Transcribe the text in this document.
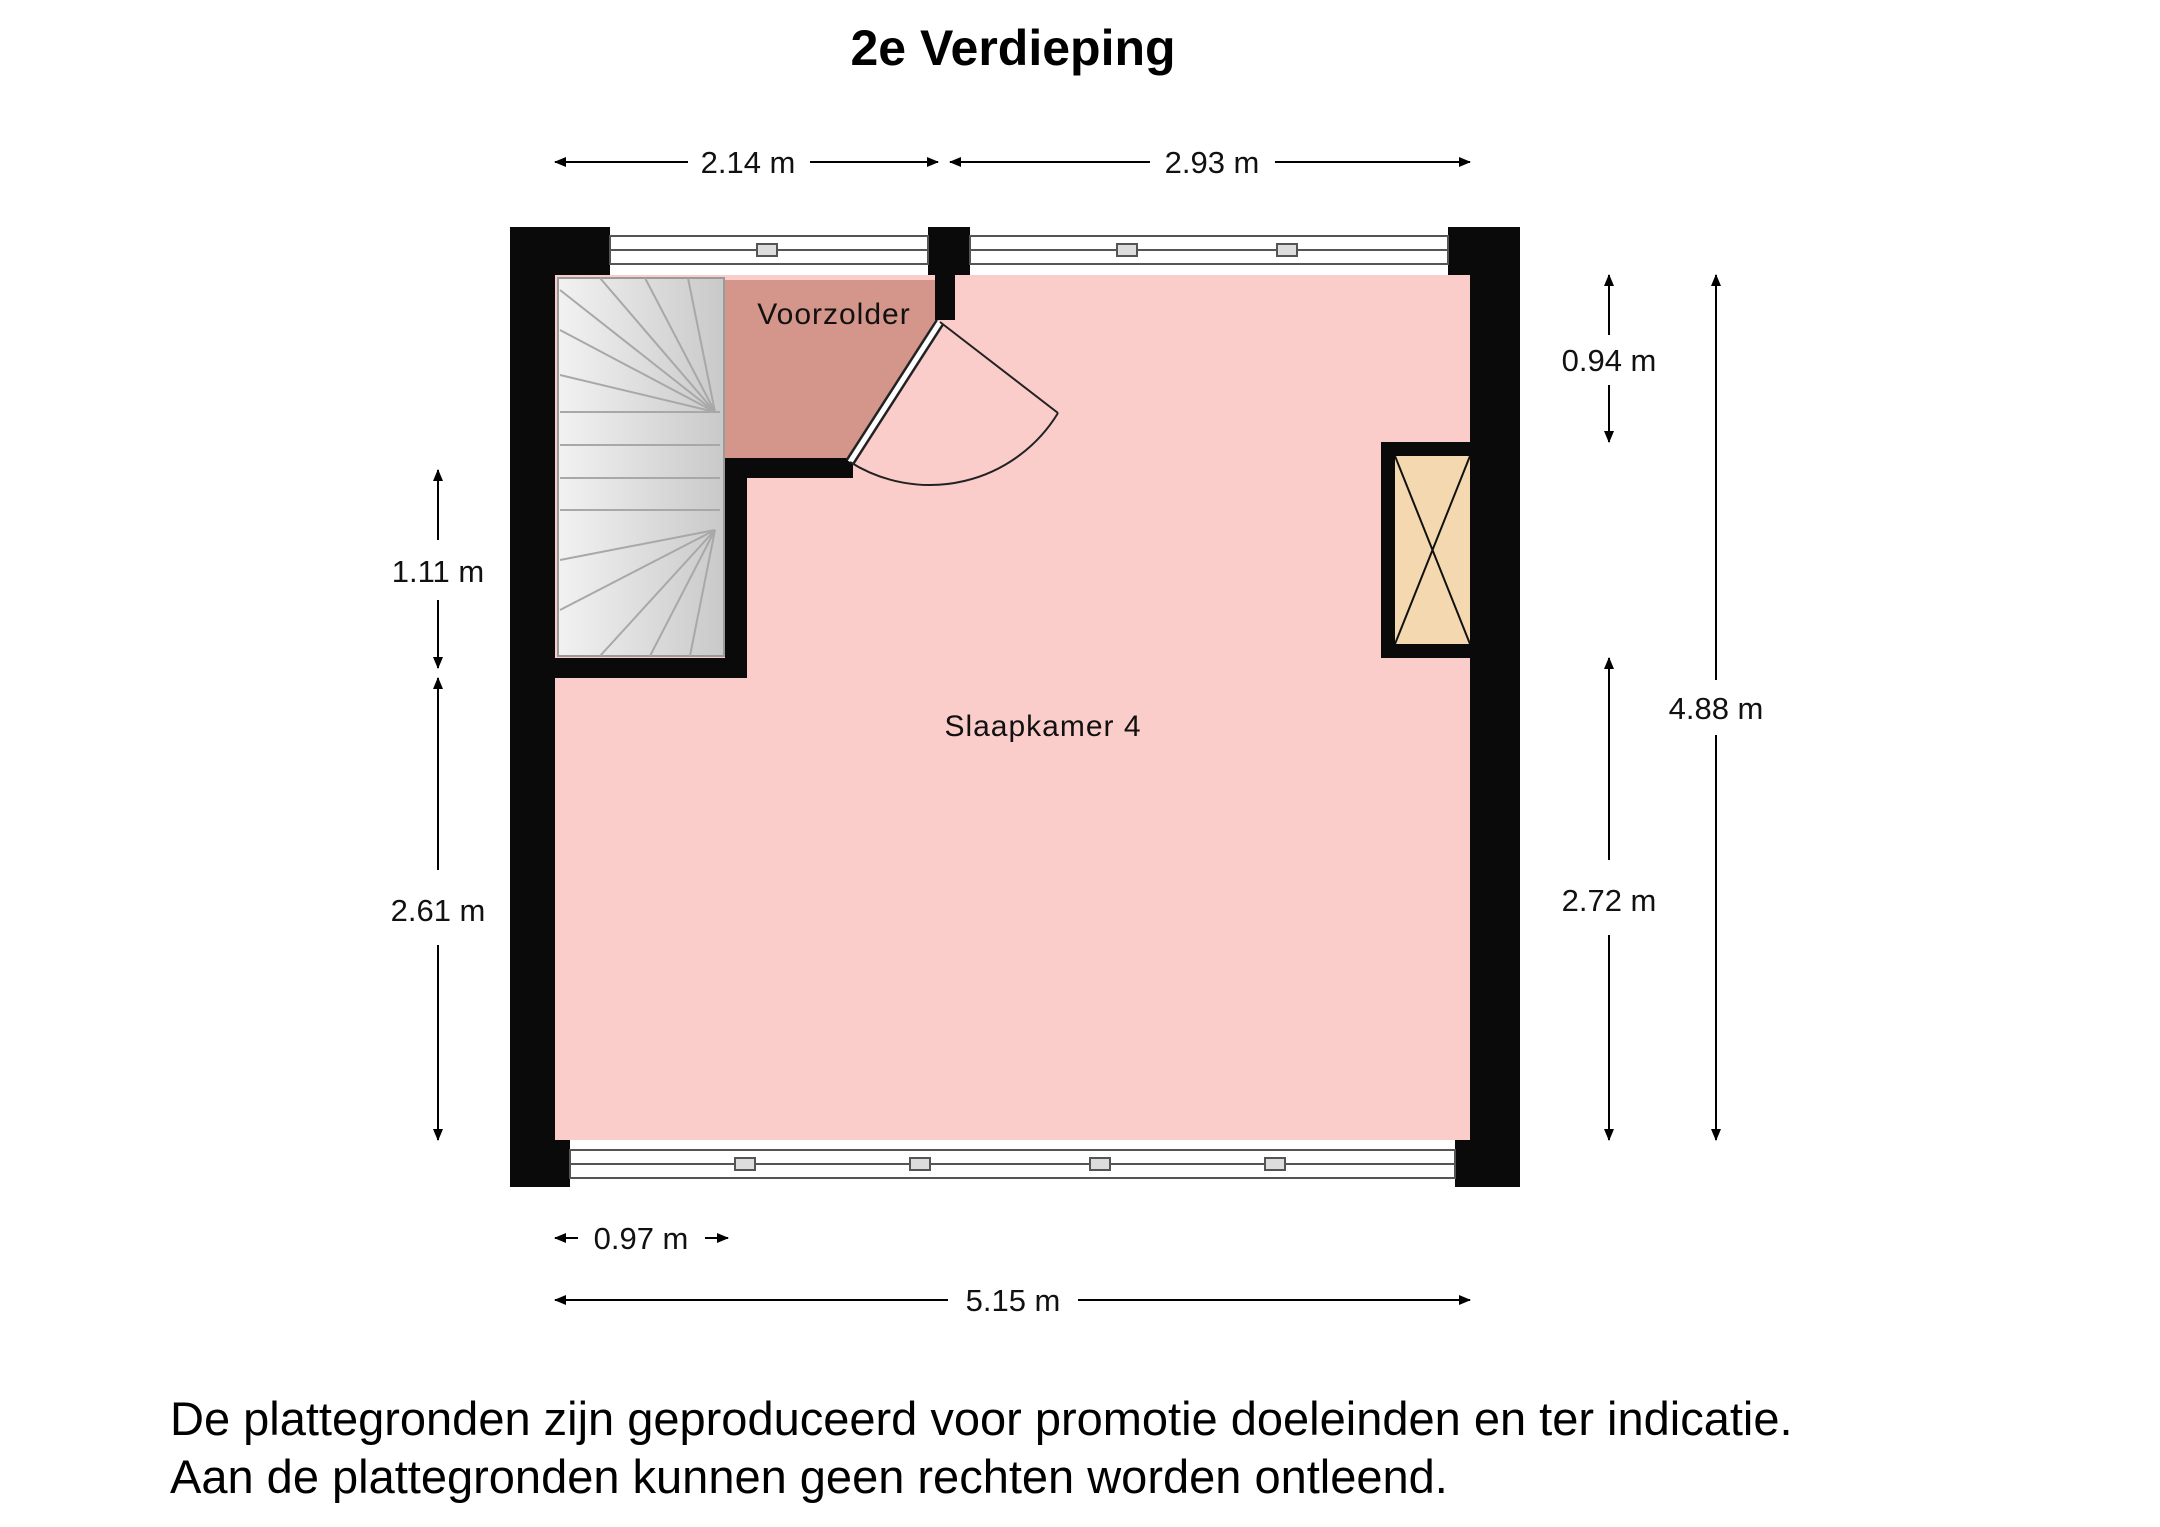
2e Verdieping
Voorzolder
Slaapkamer 4
2.14 m	2.93 m
0.94 m
2.72 m
4.88 m
1.11 m
2.61 m
0.97 m
5.15 m
De plattegronden zijn geproduceerd voor promotie doeleinden en ter indicatie.
Aan de plattegronden kunnen geen rechten worden ontleend.
